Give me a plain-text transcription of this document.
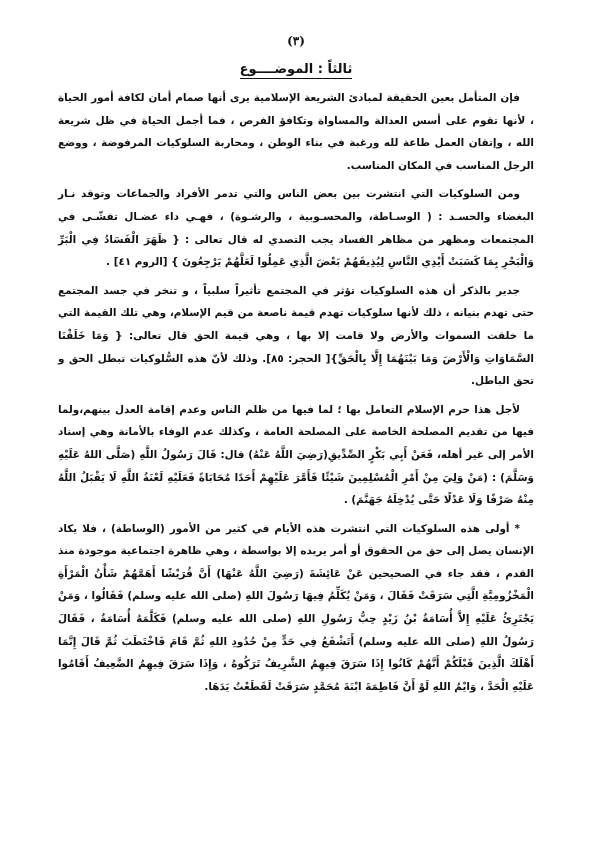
(٣)
ثالثاً : الموضــــوع

فإن المتأمل بعين الحقيقة لمبادئ الشريعة الإسلامية يرى أنها صمام أمان لكافة أمور الحياة ، لأنها تقوم على أسس العدالة والمساواة وتكافؤ الفرص ، فما أجمل الحياة في ظل شريعة الله ، وإتقان العمل طاعة لله ورغبة في بناء الوطن ، ومحاربة السلوكيات المرفوضة ، ووضع الرجل المناسب في المكان المناسب.

ومن السلوكيات التي انتشرت بين بعض الناس والتي تدمر الأفراد والجماعات وتوقد نـار البغضاء والحسـد : ( الوسـاطة، والمحسـوبية ، والرشـوة) ، فهـي داء عضـال تفشّـى في المجتمعات ومظهر من مظاهر الفساد يجب التصدي له قال تعالى : { ظَهَرَ الْفَسَادُ فِي الْبَرِّ وَالْبَحْرِ بِمَا كَسَبَتْ أَيْدِي النَّاسِ لِيُذِيقَهُمْ بَعْضَ الَّذِي عَمِلُوا لَعَلَّهُمْ يَرْجِعُونَ } [الروم ٤١] .

جدير بالذكر أن هذه السلوكيات تؤثر في المجتمع تأثيراً سلبياً ، و تنخر في جسد المجتمع حتى تهدم بنيانه ، ذلك لأنها سلوكيات تهدم قيمة ناصعة من قيم الإسلام، وهي تلك القيمة التي ما خلقت السموات والأرض ولا قامت إلا بها ، وهي قيمة الحق قال تعالى: { وَمَا خَلَقْنَا السَّمَاوَاتِ وَالْأَرْضَ وَمَا بَيْنَهُمَا إِلَّا بِالْحَقِّ}[ الحجر: ٨٥]. وذلك لأنّ هذه السُّلوكيات تبطل الحق و تحق الباطل.

لأجل هذا حرم الإسلام التعامل بها ؛ لما فيها من ظلم الناس وعدم إقامة العدل بينهم،ولما فيها من تقديم المصلحة الخاصة على المصلحة العامة ، وكذلك عدم الوفاء بالأمانة وهي إسناد الأمر إلى غير أهله، فَعَنْ أَبِي بَكْرٍ الصِّدِّيقِ(رَضِيَ اللَّهُ عَنْهُ) قال: قَالَ رَسُولُ اللَّهِ (صَلَّى اللهُ عَلَيْهِ وَسَلَّمَ) : (مَنْ وَلِيَ مِنْ أَمْرِ الْمُسْلِمِينَ شَيْئًا فَأَمَّرَ عَلَيْهِمْ أَحَدًا مُحَابَاةً فَعَلَيْهِ لَعْنَةُ اللَّهِ لَا يَقْبَلُ اللَّهُ مِنْهُ صَرْفًا وَلَا عَدْلًا حَتَّى يُدْخِلَهُ جَهَنَّمَ) .

* أولى هذه السلوكيات التي انتشرت هذه الأيام في كثير من الأمور (الوساطة) ، فلا يكاد الإنسان يصل إلى حق من الحقوق أو أمر يريده إلا بواسطة ، وهي ظاهرة اجتماعية موجودة منذ القدم ، فقد جاء في الصحيحين عَنْ عَائِشَةَ (رَضِيَ اللَّهُ عَنْهَا) أَنَّ قُرَيْشًا أَهَمَّهُمْ شَأْنُ الْمَرْأَةِ الْمَخْزُومِيَّةِ الَّتِي سَرَقَتْ فَقَالَ ، وَمَنْ يُكَلِّمُ فِيهَا رَسُولَ اللهِ (صلى الله عليه وسلم) فَقَالُوا ، وَمَنْ يَجْتَرِئُ عَلَيْهِ إِلاَّ أُسَامَةُ بْنُ زَيْدٍ حِبُّ رَسُولِ اللهِ (صلى الله عليه وسلم) فَكَلَّمَهُ أُسَامَةُ ، فَقَالَ رَسُولُ اللهِ (صلى الله عليه وسلم) أَتَشْفَعُ فِي حَدٍّ مِنْ حُدُودِ اللهِ ثُمَّ قَامَ فَاخْتَطَبَ ثُمَّ قَالَ إِنَّمَا أَهْلَكَ الَّذِينَ قَبْلَكُمْ أَنَّهُمْ كَانُوا إِذَا سَرَقَ فِيهِمُ الشَّرِيفُ تَرَكُوهُ ، وَإِذَا سَرَقَ فِيهِمُ الضَّعِيفُ أَقَامُوا عَلَيْهِ الْحَدَّ ، وَايْمُ اللهِ لَوْ أَنَّ فَاطِمَةَ ابْنَةَ مُحَمَّدٍ سَرَقَتْ لَقَطَعْتُ يَدَهَا.
